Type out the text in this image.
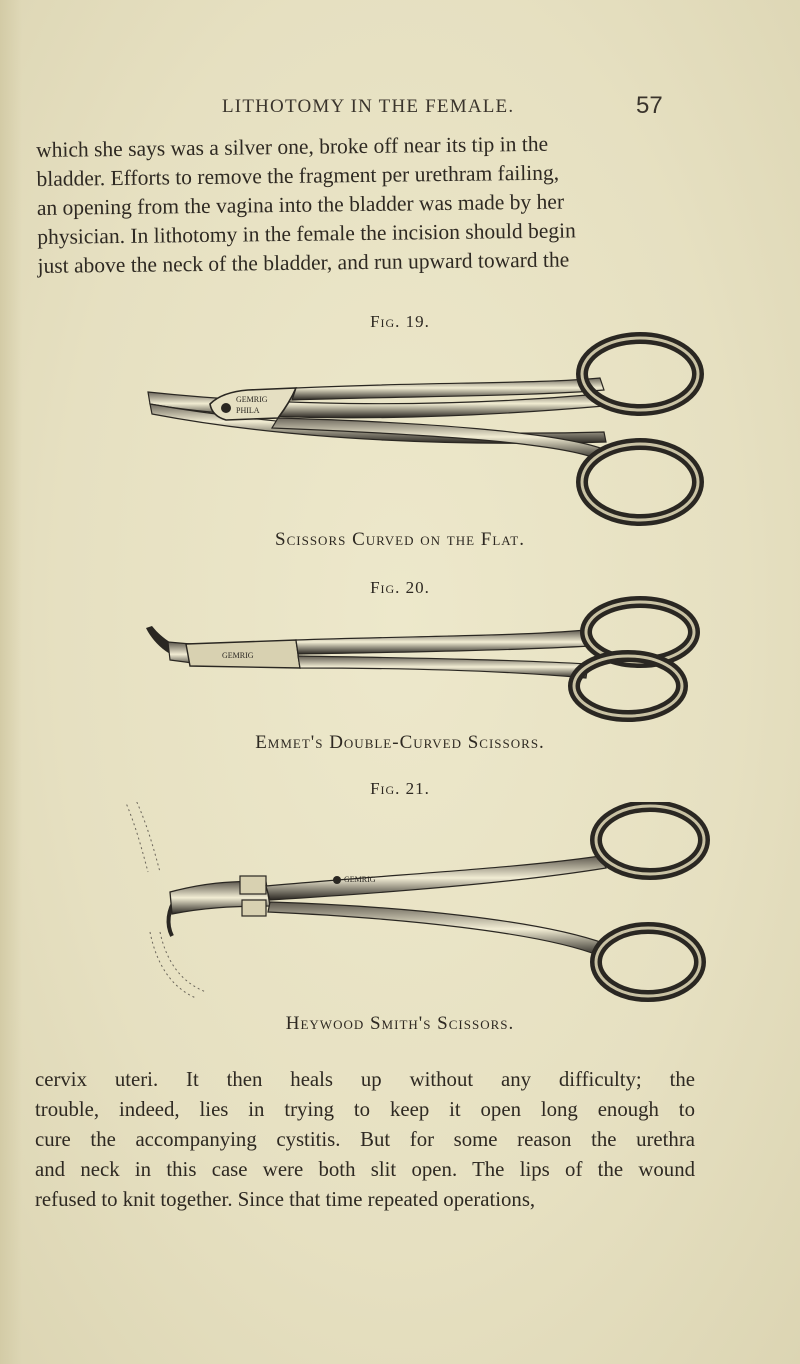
LITHOTOMY IN THE FEMALE.	57
which she says was a silver one, broke off near its tip in the
bladder. Efforts to remove the fragment per urethram failing,
an opening from the vagina into the bladder was made by her
physician. In lithotomy in the female the incision should begin
just above the neck of the bladder, and run upward toward the
Fig. 19.
GEMRIG
PHILA
Scissors Curved on the Flat.
Fig. 20.
GEMRIG
Emmet's Double-Curved Scissors.
Fig. 21.
GEMRIG
Heywood Smith's Scissors.
cervix uteri. It then heals up without any difficulty; the
trouble, indeed, lies in trying to keep it open long enough to
cure the accompanying cystitis. But for some reason the urethra
and neck in this case were both slit open. The lips of the wound
refused to knit together. Since that time repeated operations,
